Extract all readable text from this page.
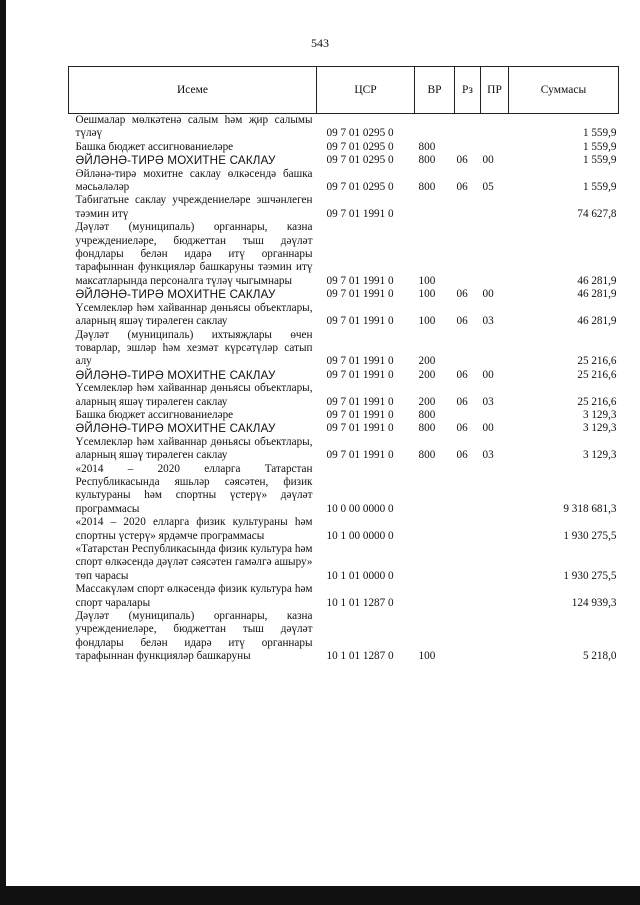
543
Исеме	ЦСР	ВР	Рз	ПР	Суммасы
Оешмалар мөлкәтенә салым һәм җир салымы түләү	09 7 01 0295 0				1 559,9
Башка бюджет ассигнованиеләре	09 7 01 0295 0	800			1 559,9
ӘЙЛӘНӘ-ТИРӘ МОХИТНЕ САКЛАУ	09 7 01 0295 0	800	06	00	1 559,9
Әйләнә-тирә мохитне саклау өлкәсендә башка мәсьәләләр	09 7 01 0295 0	800	06	05	1 559,9
Табигатьне саклау учреждениеләре эшчәнлеген тәэмин итү	09 7 01 1991 0				74 627,8
Дәүләт (муниципаль) органнары, казна учреждениеләре, бюджеттан тыш дәүләт фондлары белән идарә итү органнары тарафыннан функцияләр башкаруны тәэмин итү максатларында персоналга түләү чыгымнары	09 7 01 1991 0	100			46 281,9
ӘЙЛӘНӘ-ТИРӘ МОХИТНЕ САКЛАУ	09 7 01 1991 0	100	06	00	46 281,9
Үсемлекләр һәм хайваннар дөньясы объектлары, аларның яшәү тирәлеген саклау	09 7 01 1991 0	100	06	03	46 281,9
Дәүләт (муниципаль) ихтыяҗлары өчен товарлар, эшләр һәм хезмәт күрсәтүләр сатып алу	09 7 01 1991 0	200			25 216,6
ӘЙЛӘНӘ-ТИРӘ МОХИТНЕ САКЛАУ	09 7 01 1991 0	200	06	00	25 216,6
Үсемлекләр һәм хайваннар дөньясы объектлары, аларның яшәү тирәлеген саклау	09 7 01 1991 0	200	06	03	25 216,6
Башка бюджет ассигнованиеләре	09 7 01 1991 0	800			3 129,3
ӘЙЛӘНӘ-ТИРӘ МОХИТНЕ САКЛАУ	09 7 01 1991 0	800	06	00	3 129,3
Үсемлекләр һәм хайваннар дөньясы объектлары, аларның яшәү тирәлеген саклау	09 7 01 1991 0	800	06	03	3 129,3
«2014 – 2020 елларга Татарстан Республикасында яшьләр сәясәтен, физик культураны һәм спортны үстерү» дәүләт программасы	10 0 00 0000 0				9 318 681,3
«2014 – 2020 елларга физик культураны һәм спортны үстерү» ярдәмче программасы	10 1 00 0000 0				1 930 275,5
«Татарстан Республикасында физик культура һәм спорт өлкәсендә дәүләт сәясәтен гамәлгә ашыру» төп чарасы	10 1 01 0000 0				1 930 275,5
Массакүләм спорт өлкәсендә физик культура һәм спорт чаралары	10 1 01 1287 0				124 939,3
Дәүләт (муниципаль) органнары, казна учреждениеләре, бюджеттан тыш дәүләт фондлары белән идарә итү органнары тарафыннан функцияләр башкаруны	10 1 01 1287 0	100			5 218,0
